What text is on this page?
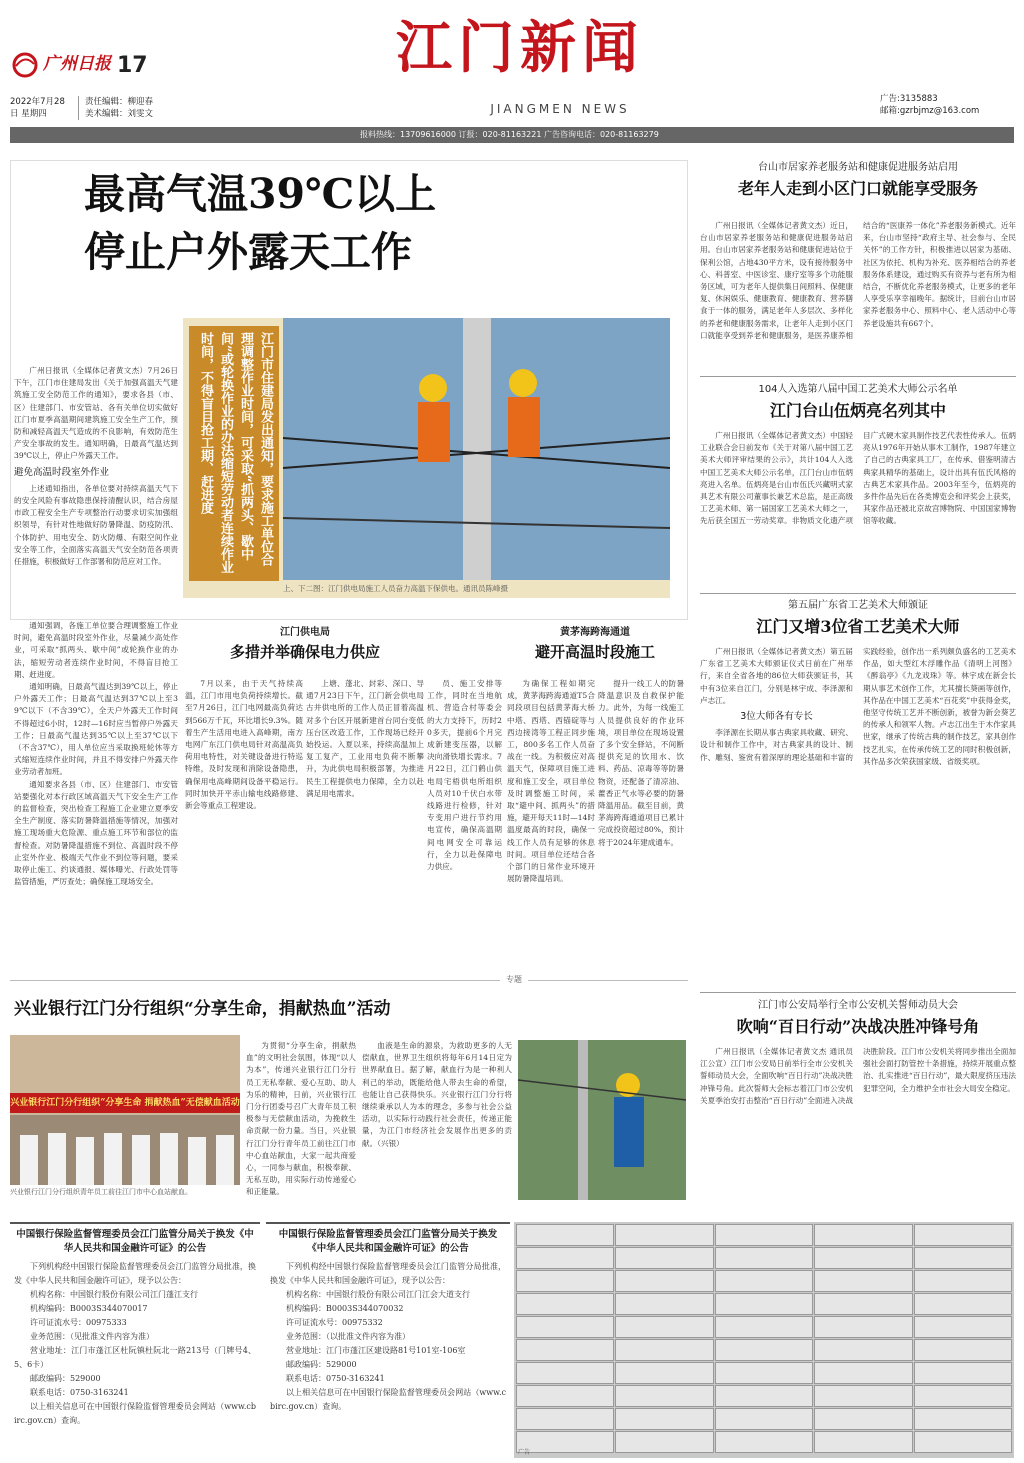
广州日报 17	江门新闻
JIANGMEN NEWS
2022年7月28日 星期四
责任编辑：柳迎春
美术编辑：刘雯文
广告:3135883
邮箱:gzrbjmz@163.com
报料热线：13709616000 订报：020-81163221 广告咨询电话：020-81163279
最高气温39℃以上
停止户外露天工作
江门市住建局发出通知，要求施工单位合理调整作业时间，可采取“抓两头、歇中间”或轮换作业的办法缩短劳动者连续作业时间，不得盲目抢工期、赶进度
上、下二图：江门供电局施工人员奋力高温下保供电。通讯员陈峰摄

广州日报讯（全媒体记者黄文杰）7月26日下午，江门市住建局发出《关于加强高温天气建筑施工安全防范工作的通知》，要求各县（市、区）住建部门、市安管站、各有关单位切实做好江门市夏季高温期间建筑施工安全生产工作，预防和减轻高温天气造成的不良影响，有效防范生产安全事故的发生。通知明确，日最高气温达到39℃以上，停止户外露天工作。

避免高温时段室外作业

上述通知指出，各单位要对持续高温天气下的安全风险有事故隐患保持清醒认识，结合房屋市政工程安全生产专项整治行动要求切实加强组织领导，有针对性地做好防暑降温、防疫防汛、个体防护、用电安全、防火防爆、有限空间作业安全等工作，全面落实高温天气安全防范各项责任措施，积极做好工作部署和防范应对工作。

通知强调，各施工单位要合理调整施工作业时间，避免高温时段室外作业，尽量减少高处作业，可采取“抓两头、歇中间”或轮换作业的办法，缩短劳动者连续作业时间，不得盲目抢工期、赶进度。

通知明确，日最高气温达到39℃以上，停止户外露天工作；日最高气温达到37℃以上至39℃以下（不含39℃），全天户外露天工作时间不得超过6小时，12时—16时应当暂停户外露天工作；日最高气温达到35℃以上至37℃以下（不含37℃），用人单位应当采取换班轮休等方式缩短连续作业时间，并且不得安排户外露天作业劳动者加班。

通知要求各县（市、区）住建部门、市安管站要强化对本行政区域高温天气下安全生产工作的监督检查，突出检查工程施工企业建立夏季安全生产制度、落实防暑降温措施等情况，加强对施工现场重大危险源、重点施工环节和部位的监督检查。对防暑降温措施不到位、高温时段不停止室外作业、极端天气作业不到位等问题，要采取停止施工、约谈通报、媒体曝光、行政处罚等监管措施，严厉查处；确保施工现场安全。

江门供电局
多措并举确保电力供应

7月以来，由于天气持续高温，江门市用电负荷持续增长。截至7月26日，江门电网最高负荷达到566万千瓦，环比增长9.3%。随着生产生活用电进入高峰期，南方电网广东江门供电局针对高温高负荷用电特性，对关键设备进行特巡特维，及时发现和消除设备隐患，确保用电高峰期间设备平稳运行。同时加快开平赤山输电线路修建、新会等重点工程建设。

上塘、蓬北、封彩、深口、导通7月23日下午，江门新会供电局古井供电所的工作人员正冒着高温对多个台区开展新建首台同台变低压台区改造工作，工作现场已经开始投运。入夏以来，持续高温加上复工复产，工业用电负荷不断攀升，为此供电局积极部署，为推进民生工程提供电力保障，全力以赴满足用电需求。

员、施工安排等工作，同时在当地航机、营造合村等委会的大力支持下，历时20多天，提前6个月完成新建变压器，以解决向滑铁增长需求。7月22日，江门鹤山供电局宅梧供电所组织人员对10千伏白水带线路进行检修，针对专变用户进行节约用电宣传，确保高温期间电网安全可靠运行，全力以赴保障电力供应。

黄茅海跨海通道
避开高温时段施工

为确保工程如期完成，黄茅海跨海通道T5合同段项目包括黄茅海大桥中塔、西塔、西锚碇等与西边接湾等工程正同步施工，800多名工作人员奋战在一线。为积极应对高温天气，保障项目施工进度和施工安全，项目单位及时调整施工时间，采取“避中间、抓两头”的措施，避开每天11时—14时温度最高的时段，确保一线工作人员有足够的休息时间。项目单位还结合各个部门的日常作业环境开展防暑降温培训。

提升一线工人的防暑降温意识及自救保护能力。此外，为每一线施工人员提供良好的作业环境，项目单位在现场设置了多个安全驿站，不间断提供充足的饮用水、饮料、药品、凉毒等等防暑物资，还配备了清凉油、藿香正气水等必要的防暑降温用品。截至目前，黄茅海跨海通道项目已累计完成投资超过80%，预计将于2024年建成通车。

台山市居家养老服务站和健康促进服务站启用
老年人走到小区门口就能享受服务

广州日报讯（全媒体记者黄文杰）近日，台山市居家养老服务站和健康促进服务站启用。台山市居家养老服务站和健康促进站位于保利公馆，占地430平方米，设有接待服务中心、科普室、中医诊室、康疗室等多个功能服务区域，可为老年人提供集日间照料、保健康复、休闲娱乐、健康教育、健康教育、营养膳食于一体的服务，满足老年人多层次、多样化的养老和健康服务需求，让老年人走到小区门口就能享受到养老和健康服务，是医养康养相结合的“医康养一体化”养老服务新模式。近年来，台山市坚持“政府主导、社会参与、全民关怀”的工作方针，积极推进以居家为基础、社区为依托、机构为补充、医养相结合的养老服务体系建设，通过购买有资养与老有所为相结合，不断优化养老服务模式，让更多的老年人享受乐享幸福晚年。据统计，目前台山市居家养老服务中心、照料中心、老人活动中心等养老设施共有667个。

104人入选第八届中国工艺美术大师公示名单
江门台山伍炳亮名列其中

广州日报讯（全媒体记者黄文杰）中国轻工业联合会日前发布《关于对第八届中国工艺美术大师评审结果的公示》，共计104人入选中国工艺美术大师公示名单，江门台山市伍炳亮进入名单。伍炳亮是台山市伍氏兴藏明式家具艺术有限公司董事长兼艺术总监，是正高级工艺美术师、第一届国家工艺美术大师之一，先后获全国五一劳动奖章。非物质文化遗产项目广式硬木家具制作技艺代表性传承人。伍炳亮从1976年开始从事木工制作，1987年建立了自己的古典家具工厂，在传承、借鉴明清古典家具精华的基础上，设计出具有伍氏风格的古典艺术家具作品。2003年至今，伍炳亮的多件作品先后在各类博览会和评奖会上获奖，其家作品还被北京故宫博物院、中国国家博物馆等收藏。

第五届广东省工艺美术大师颁证
江门又增3位省工艺美术大师

广州日报讯（全媒体记者黄文杰）第五届广东省工艺美术大师颁证仪式日前在广州举行，来自全省各地的86位大师获颁证书，其中有3位来自江门，分别是林宇成、李泽源和卢志江。

3位大师各有专长

李泽源在长期从事古典家具收藏、研究、设计和制作工作中，对古典家具的设计、制作、雕刻、鉴赏有着深厚的理论基础和丰富的实践经验，创作出一系列颇负盛名的工艺美术作品，如大型红木浮雕作品《清明上河图》《醉翁亭》《九龙戏珠》等。林宇成在新会长期从事艺术创作工作，尤其擅长葵画等创作，其作品在中国工艺美术“百花奖”中获得金奖，他坚守传统工艺并不断创新，被誉为新会葵艺的传承人和领军人物。卢志江出生于木作家具世家，继承了传统古典的制作技艺，家具创作技艺扎实，在传承传统工艺的同时积极创新，其作品多次荣获国家级、省级奖项。

江门市公安局举行全市公安机关誓师动员大会
吹响“百日行动”决战决胜冲锋号角

广州日报讯（全媒体记者黄文杰 通讯员江公宣）江门市公安局日前举行全市公安机关誓师动员大会，全面吹响“百日行动”决战决胜冲锋号角。此次誓师大会标志着江门市公安机关夏季治安打击整治“百日行动”全面进入决战决胜阶段。江门市公安机关将同步推出全面加强社会面打防管控十条措施，持续开展重点整治、扎实推进“百日行动”，最大限度挤压违法犯罪空间，全力维护全市社会大局安全稳定。

专题
兴业银行江门分行组织“分享生命，捐献热血”活动
兴业银行江门分行组织“分享生命 捐献热血”无偿献血活动
兴业银行江门分行组织青年员工前往江门市中心血站献血。

为贯彻“分享生命，捐献热血”的文明社会氛围，体现“以人为本”，传递兴业银行江门分行员工无私奉献、爱心互助、助人为乐的精神，日前，兴业银行江门分行团委号召广大青年员工积极参与无偿献血活动，为挽救生命贡献一份力量。当日，兴业银行江门分行青年员工前往江门市中心血站献血，大家一起共商爱心，一同参与献血，积极奉献、无私互助，用实际行动传递爱心和正能量。

血液是生命的源泉，为救助更多的人无偿献血，世界卫生组织将每年6月14日定为世界献血日。据了解，献血行为是一种利人利己的举动，既能给他人带去生命的希望，也能让自己获得快乐。兴业银行江门分行将继续秉承以人为本的理念，多参与社会公益活动，以实际行动践行社会责任，传递正能量，为江门市经济社会发展作出更多的贡献。（兴银）

中国银行保险监督管理委员会江门监管分局关于换发《中华人民共和国金融许可证》的公告

下列机构经中国银行保险监督管理委员会江门监管分局批准，换发《中华人民共和国金融许可证》，现予以公告：

机构名称：中国银行股份有限公司江门蓬江支行

机构编码：B0003S344070017

许可证流水号：00975333

业务范围：（见批准文件内容为准）

营业地址：江门市蓬江区杜阮镇杜阮北一路213号（门牌号4、5、6卡）

邮政编码：529000

联系电话：0750-3163241

以上相关信息可在中国银行保险监督管理委员会网站（www.cbirc.gov.cn）查询。

中国银行保险监督管理委员会江门监管分局关于换发《中华人民共和国金融许可证》的公告

下列机构经中国银行保险监督管理委员会江门监管分局批准，换发《中华人民共和国金融许可证》，现予以公告：

机构名称：中国银行股份有限公司江门江会大道支行

机构编码：B0003S344070032

许可证流水号：00975332

业务范围：（以批准文件内容为准）

营业地址：江门市蓬江区建设路81号101室-106室

邮政编码：529000

联系电话：0750-3163241

以上相关信息可在中国银行保险监督管理委员会网站（www.cbirc.gov.cn）查询。

广告
